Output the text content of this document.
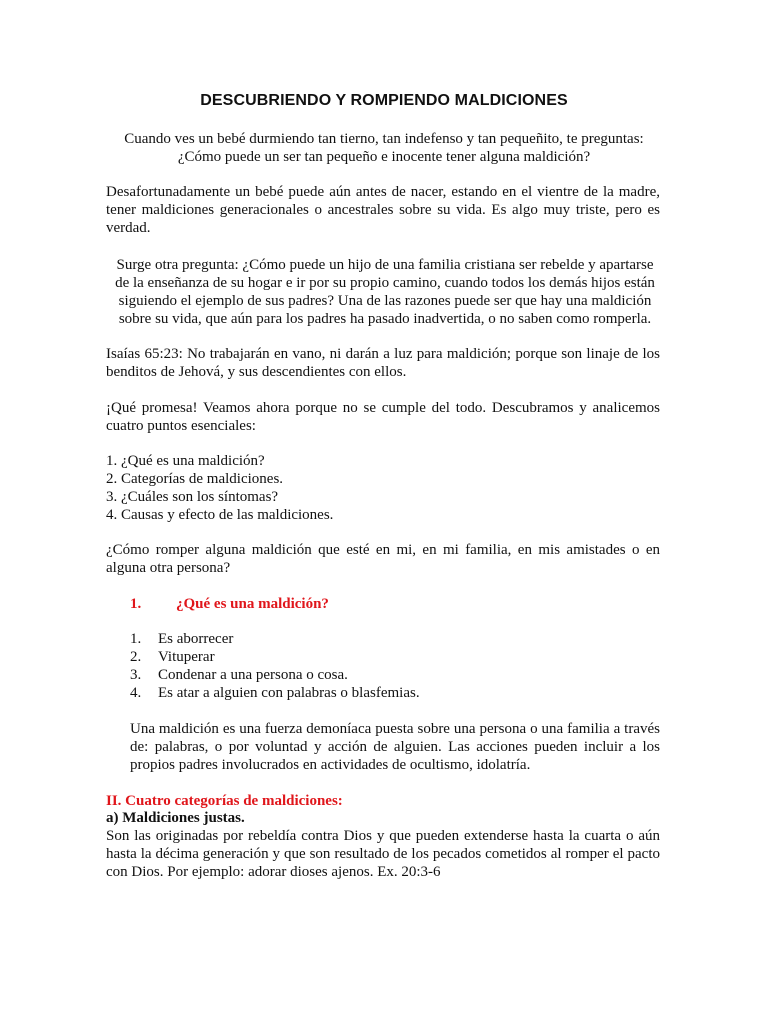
DESCUBRIENDO Y ROMPIENDO MALDICIONES
Cuando ves un bebé durmiendo tan tierno, tan indefenso y tan pequeñito, te preguntas:
¿Cómo puede un ser tan pequeño e inocente tener alguna maldición?
Desafortunadamente un bebé puede aún antes de nacer, estando en el vientre de la madre, tener maldiciones generacionales o ancestrales sobre su vida. Es algo muy triste, pero es verdad.
Surge otra pregunta: ¿Cómo puede un hijo de una familia cristiana ser rebelde y apartarse
de la enseñanza de su hogar e ir por su propio camino, cuando todos los demás hijos están
siguiendo el ejemplo de sus padres? Una de las razones puede ser que hay una maldición
sobre su vida, que aún para los padres ha pasado inadvertida, o no saben como romperla.
Isaías 65:23: No trabajarán en vano, ni darán a luz para maldición; porque son linaje de los benditos de Jehová, y sus descendientes con ellos.
¡Qué promesa! Veamos ahora porque no se cumple del todo. Descubramos y analicemos cuatro puntos esenciales:
1. ¿Qué es una maldición?
2. Categorías de maldiciones.
3. ¿Cuáles son los síntomas?
4. Causas y efecto de las maldiciones.
¿Cómo romper alguna maldición que esté en mi, en mi familia, en mis amistades o en alguna otra persona?
1.	¿Qué es una maldición?
1.	Es aborrecer
2.	Vituperar
3.	Condenar a una persona o cosa.
4.	Es atar a alguien con palabras o blasfemias.
Una maldición es una fuerza demoníaca puesta sobre una persona o una familia a través de: palabras, o por voluntad y acción de alguien. Las acciones pueden incluir a los propios padres involucrados en actividades de ocultismo, idolatría.
II. Cuatro categorías de maldiciones:
a) Maldiciones justas.
Son las originadas por rebeldía contra Dios y que pueden extenderse hasta la cuarta o aún hasta la décima generación y que son resultado de los pecados cometidos al romper el pacto con Dios. Por ejemplo: adorar dioses ajenos. Ex. 20:3-6
